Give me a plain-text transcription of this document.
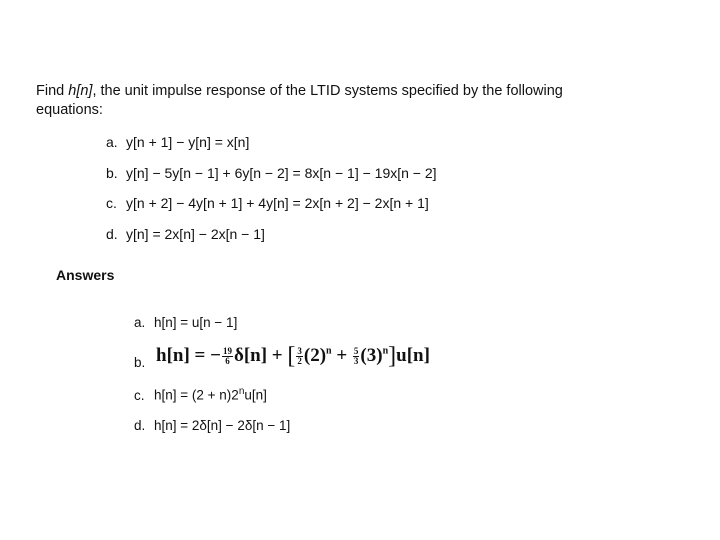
Find h[n], the unit impulse response of the LTID systems specified by the following
equations:
a. y[n + 1] − y[n] = x[n]
b. y[n] − 5y[n − 1] + 6y[n − 2] = 8x[n − 1] − 19x[n − 2]
c. y[n + 2] − 4y[n + 1] + 4y[n] = 2x[n + 2] − 2x[n + 1]
d. y[n] = 2x[n] − 2x[n − 1]
Answers
a. h[n] = u[n − 1]
b. h[n] = − $\frac{19}{6} \delta[n]$ + [ $\frac{3}{2} (2)^n + \frac{5}{3} (3)^n]u[n]$
c. $h[n] = (2 + n)2^nu[n]$
d. h[n] = 2δ[n] − 2δ[n − 1]
